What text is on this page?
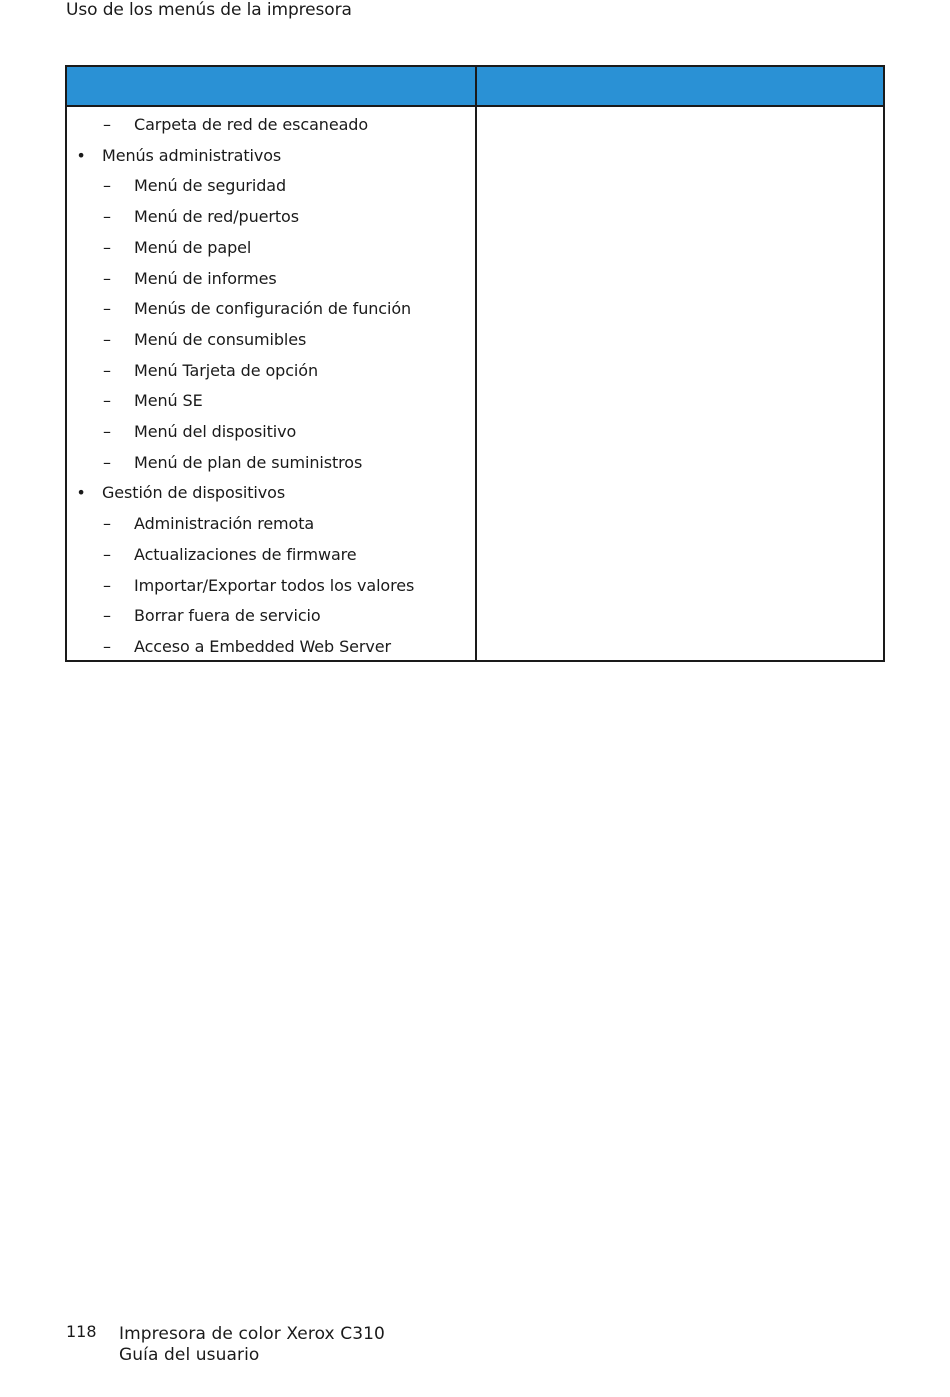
Uso de los menús de la impresora
– Carpeta de red de escaneado
• Menús administrativos
– Menú de seguridad
– Menú de red/puertos
– Menú de papel
– Menú de informes
– Menús de configuración de función
– Menú de consumibles
– Menú Tarjeta de opción
– Menú SE
– Menú del dispositivo
– Menú de plan de suministros
• Gestión de dispositivos
– Administración remota
– Actualizaciones de firmware
– Importar/Exportar todos los valores
– Borrar fuera de servicio
– Acceso a Embedded Web Server
118 Impresora de color Xerox C310
Guía del usuario
